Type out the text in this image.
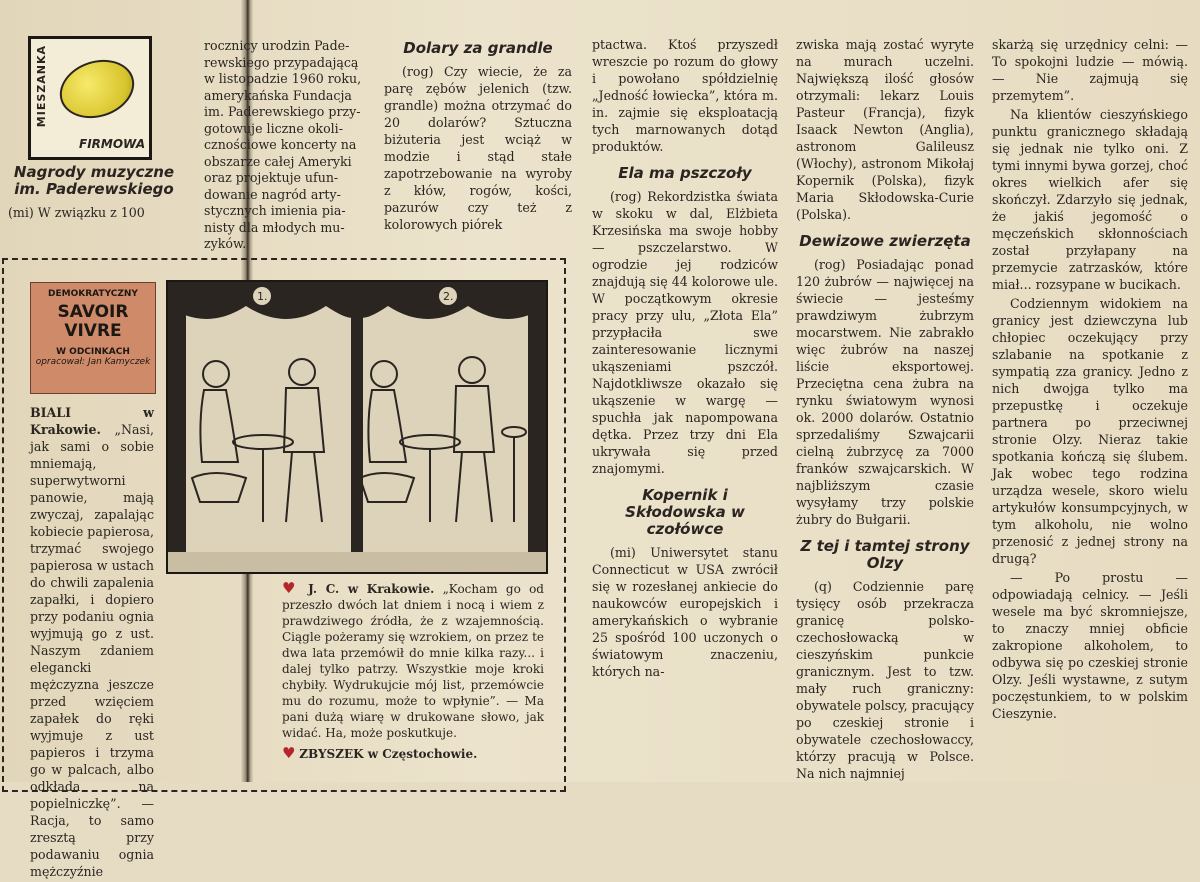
MIESZANKA
FIRMOWA
Nagrody muzyczne im. Paderewskiego

(mi) W związku z 100

rocznicy urodzin Pade-
rewskiego przypadającą
w listopadzie 1960 roku,
amerykańska Fundacja
im. Paderewskiego przy-
gotowuje liczne okoli-
cznościowe koncerty na
obszarze całej Ameryki
oraz projektuje ufun-
dowanie nagród arty-
stycznych imienia pia-
nisty dla młodych mu-
zyków.
Dolary za grandle

(rog) Czy wiecie, że za parę zębów jelenich (tzw. grandle) można otrzymać do 20 dolarów? Sztuczna biżuteria jest wciąż w modzie i stąd stałe zapotrzebowanie na wyroby z kłów, rogów, kości, pazurów czy też z kolorowych piórek

ptactwa. Ktoś przyszedł wreszcie po rozum do głowy i powołano spółdzielnię „Jedność łowiecka”, która m. in. zajmie się eksploatacją tych marnowanych dotąd produktów.

Ela ma pszczoły

(rog) Rekordzistka świata w skoku w dal, Elżbieta Krzesińska ma swoje hobby — pszczelarstwo. W ogrodzie jej rodziców znajdują się 44 kolorowe ule. W początkowym okresie pracy przy ulu, „Złota Ela” przypłaciła swe zainteresowanie licznymi ukąszeniami pszczół. Najdotkliwsze okazało się ukąszenie w wargę — spuchła jak napompowana dętka. Przez trzy dni Ela ukrywała się przed znajomymi.

Kopernik i Skłodowska w czołówce

(mi) Uniwersytet stanu Connecticut w USA zwrócił się w rozesłanej ankiecie do naukowców europejskich i amerykańskich o wybranie 25 spośród 100 uczonych o światowym znaczeniu, których na-

zwiska mają zostać wyryte na murach uczelni. Największą ilość głosów otrzymali: lekarz Louis Pasteur (Francja), fizyk Isaack Newton (Anglia), astronom Galileusz (Włochy), astronom Mikołaj Kopernik (Polska), fizyk Maria Skłodowska-Curie (Polska).

Dewizowe zwierzęta

(rog) Posiadając ponad 120 żubrów — najwięcej na świecie — jesteśmy prawdziwym żubrzym mocarstwem. Nie zabrakło więc żubrów na naszej liście eksportowej. Przeciętna cena żubra na rynku światowym wynosi ok. 2000 dolarów. Ostatnio sprzedaliśmy Szwajcarii cielną żubrzycę za 7000 franków szwajcarskich. W najbliższym czasie wysyłamy trzy polskie żubry do Bułgarii.

Z tej i tamtej strony Olzy

(q) Codziennie parę tysięcy osób przekracza granicę polsko-czechosłowacką w cieszyńskim punkcie granicznym. Jest to tzw. mały ruch graniczny: obywatele polscy, pracujący po czeskiej stronie i obywatele czechosłowaccy, którzy pracują w Polsce. Na nich najmniej

skarżą się urzędnicy celni: — To spokojni ludzie — mówią. — Nie zajmują się przemytem”.

Na klientów cieszyńskiego punktu granicznego składają się jednak nie tylko oni. Z tymi innymi bywa gorzej, choć okres wielkich afer się skończył. Zdarzyło się jednak, że jakiś jegomość o męczeńskich skłonnościach został przyłapany na przemycie zatrzasków, które miał... rozsypane w bucikach.

Codziennym widokiem na granicy jest dziewczyna lub chłopiec oczekujący przy szlabanie na spotkanie z sympatią zza granicy. Jedno z nich dwojga tylko ma przepustkę i oczekuje partnera po przeciwnej stronie Olzy. Nieraz takie spotkania kończą się ślubem. Jak wobec tego rodzina urządza wesele, skoro wielu artykułów konsumpcyjnych, w tym alkoholu, nie wolno przenosić z jednej strony na drugą?

— Po prostu — odpowiadają celnicy. — Jeśli wesele ma być skromniejsze, to znaczy mniej obficie zakropione alkoholem, to odbywa się po czeskiej stronie Olzy. Jeśli wystawne, z sutym poczęstunkiem, to w polskim Cieszynie.

DEMOKRATYCZNY
SAVOIR VIVRE
W ODCINKACH
opracował: Jan Kamyczek
1.	2.

BIALI w Krakowie. „Nasi, jak sami o sobie mniemają, superwytworni panowie, mają zwyczaj, zapalając kobiecie papierosa, trzymać swojego papierosa w ustach do chwili zapalenia zapałki, i dopiero przy podaniu ognia wyjmują go z ust. Naszym zdaniem elegancki mężczyzna jeszcze przed wzięciem zapałek do ręki wyjmuje z ust papieros i trzyma go w palcach, albo odkłada na popielniczkę”. — Racja, to samo zresztą przy podawaniu ognia mężczyźnie

♥ J. C. w Krakowie. „Kocham go od przeszło dwóch lat dniem i nocą i wiem z prawdziwego źródła, że z wzajemnością. Ciągle pożeramy się wzrokiem, on przez te dwa lata przemówił do mnie kilka razy... i dalej tylko patrzy. Wszystkie moje kroki chybiły. Wydrukujcie mój list, przemówcie mu do rozumu, może to wpłynie”. — Ma pani dużą wiarę w drukowane słowo, jak widać. Ha, może poskutkuje.

♥ ZBYSZEK w Częstochowie.
